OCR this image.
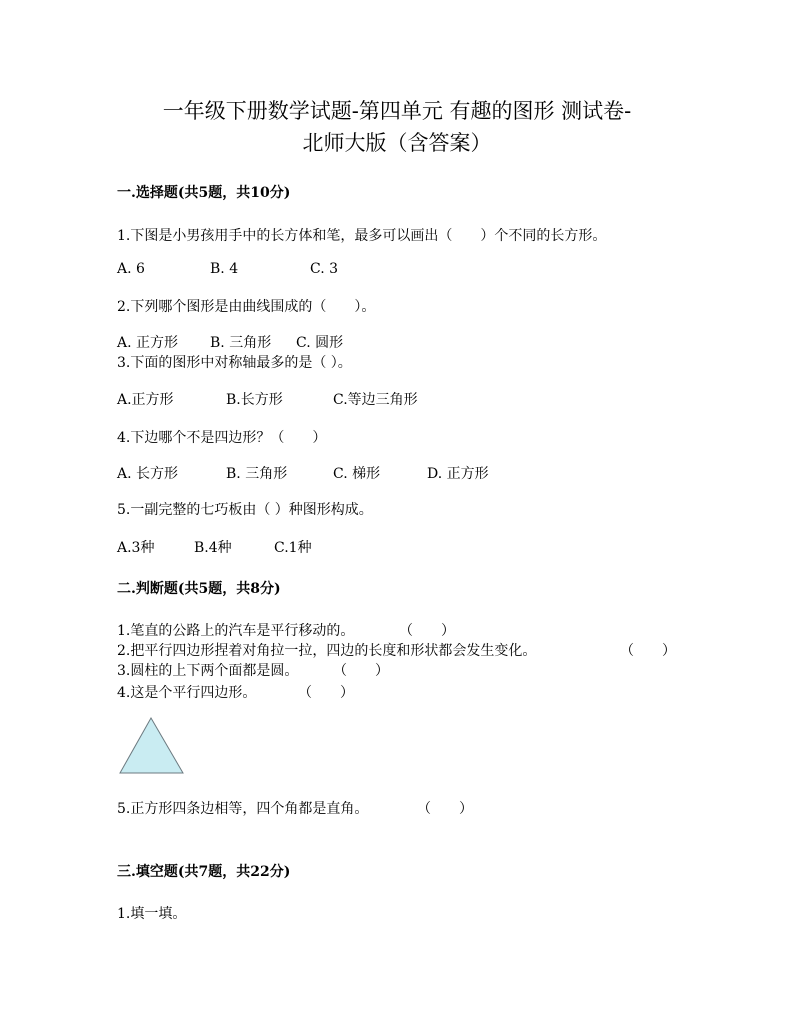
一年级下册数学试题-第四单元 有趣的图形 测试卷-
北师大版（含答案）
一.选择题(共5题，共10分)
1.下图是小男孩用手中的长方体和笔，最多可以画出（　　）个不同的长方形。
A. 6	B. 4	C. 3
2.下列哪个图形是由曲线围成的（　　）。
A. 正方形 B. 三角形 C. 圆形
3.下面的图形中对称轴最多的是（ ）。
A.正方形	B.长方形	C.等边三角形
4.下边哪个不是四边形？（　　）
A. 长方形	B. 三角形	C. 梯形	D. 正方形
5.一副完整的七巧板由（ ）种图形构成。
A.3种	B.4种	C.1种
二.判断题(共5题，共8分)
1.笔直的公路上的汽车是平行移动的。	（　　）
2.把平行四边形捏着对角拉一拉，四边的长度和形状都会发生变化。	（　　）
3.圆柱的上下两个面都是圆。 （　　）
4.这是个平行四边形。	（　　）
5.正方形四条边相等，四个角都是直角。	（　　）
三.填空题(共7题，共22分)
1.填一填。
